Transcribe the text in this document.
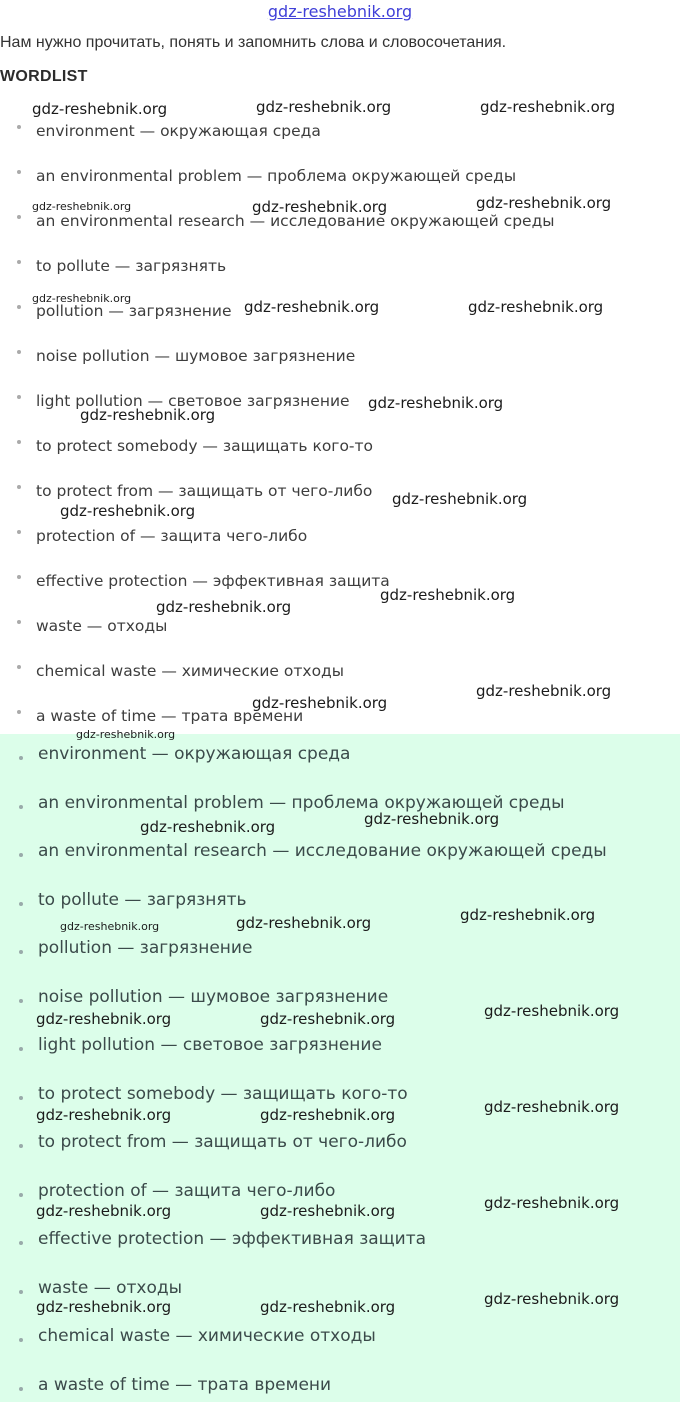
gdz-reshebnik.org
Нам нужно прочитать, понять и запомнить слова и словосочетания.
WORDLIST
environment — окружающая среда
an environmental problem — проблема окружающей среды
an environmental research — исследование окружающей среды
to pollute — загрязнять
pollution — загрязнение
noise pollution — шумовое загрязнение
light pollution — световое загрязнение
to protect somebody — защищать кого-то
to protect from — защищать от чего-либо
protection of — защита чего-либо
effective protection — эффективная защита
waste — отходы
chemical waste — химические отходы
a waste of time — трата времени
environment — окружающая среда
an environmental problem — проблема окружающей среды
an environmental research — исследование окружающей среды
to pollute — загрязнять
pollution — загрязнение
noise pollution — шумовое загрязнение
light pollution — световое загрязнение
to protect somebody — защищать кого-то
to protect from — защищать от чего-либо
protection of — защита чего-либо
effective protection — эффективная защита
waste — отходы
chemical waste — химические отходы
a waste of time — трата времени
gdz-reshebnik.org	gdz-reshebnik.org	gdz-reshebnik.org
gdz-reshebnik.org	gdz-reshebnik.org	gdz-reshebnik.org
gdz-reshebnik.org	gdz-reshebnik.org	gdz-reshebnik.org
gdz-reshebnik.org
gdz-reshebnik.org
gdz-reshebnik.org
gdz-reshebnik.org
gdz-reshebnik.org
gdz-reshebnik.org
gdz-reshebnik.org
gdz-reshebnik.org
gdz-reshebnik.org
gdz-reshebnik.org
gdz-reshebnik.org
gdz-reshebnik.org
gdz-reshebnik.org
gdz-reshebnik.org
gdz-reshebnik.org
gdz-reshebnik.org	gdz-reshebnik.org
gdz-reshebnik.org
gdz-reshebnik.org	gdz-reshebnik.org
gdz-reshebnik.org
gdz-reshebnik.org	gdz-reshebnik.org
gdz-reshebnik.org
gdz-reshebnik.org	gdz-reshebnik.org
